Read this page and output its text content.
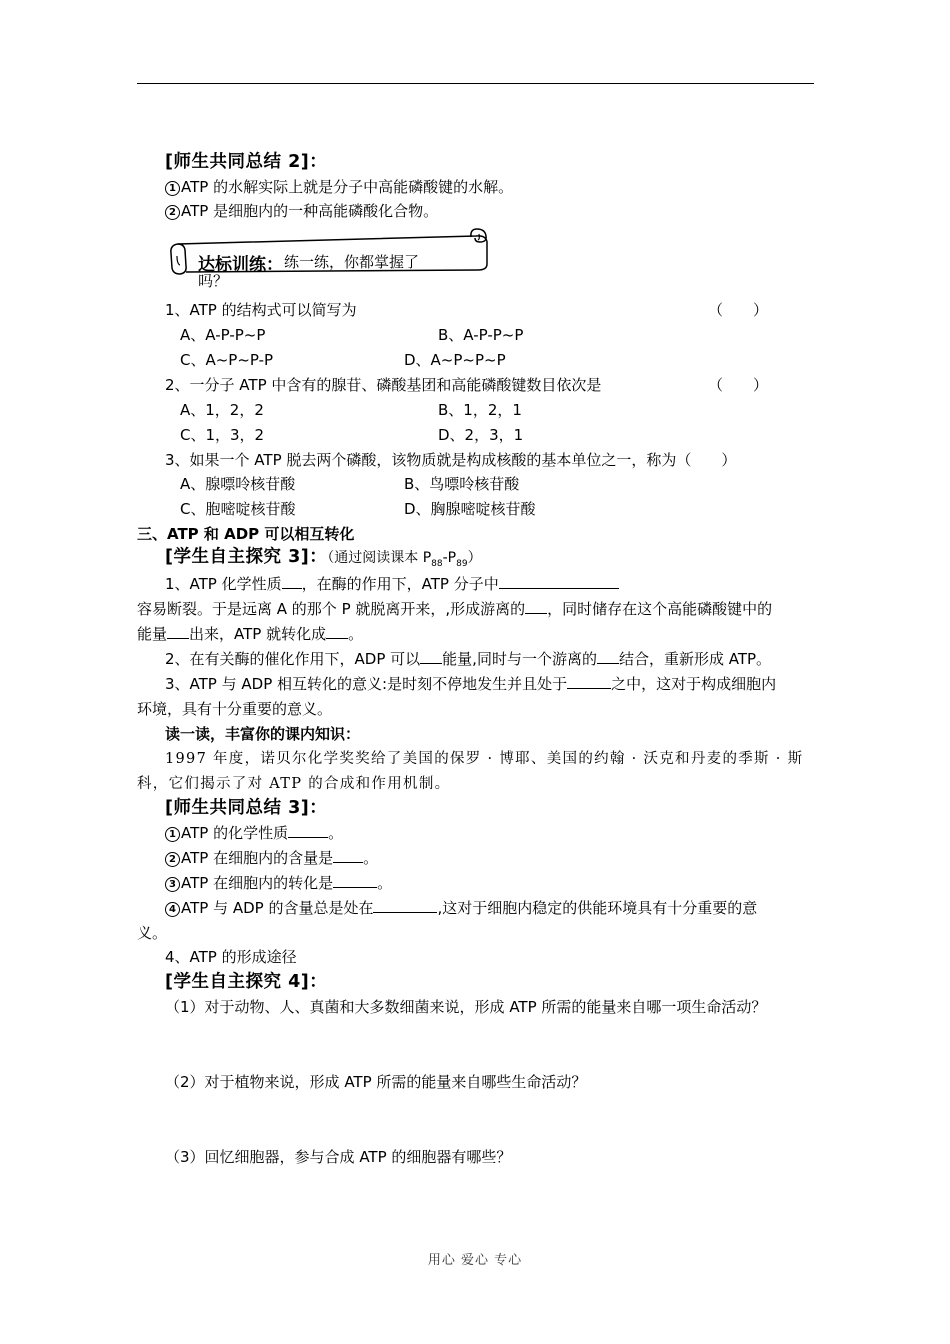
[师生共同总结 2]：
1 ATP 的水解实际上就是分子中高能磷酸键的水解。
2 ATP 是细胞内的一种高能磷酸化合物。
达标训练： 练一练，你都掌握了
吗？
1、ATP 的结构式可以简写为	（　　）
A、A-P-P~P	B、A-P-P~P
C、A~P~P-P	D、A~P~P~P
2、一分子 ATP 中含有的腺苷、磷酸基团和高能磷酸键数目依次是	（　　）
A、1，2，2	B、1，2，1
C、1，3，2	D、2，3，1
3、如果一个 ATP 脱去两个磷酸，该物质就是构成核酸的基本单位之一，称为（　　）
A、腺嘌呤核苷酸	B、鸟嘌呤核苷酸
C、胞嘧啶核苷酸	D、胸腺嘧啶核苷酸
三、ATP 和 ADP 可以相互转化
[学生自主探究 3]：（通过阅读课本 $P_{88}-P_{89}$）
1、ATP 化学性质 ，在酶的作用下，ATP 分子中
容易断裂。于是远离 A 的那个 P 就脱离开来，,形成游离的 ，同时储存在这个高能磷酸键中的
能量 出来，ATP 就转化成 。
2、在有关酶的催化作用下，ADP 可以 能量,同时与一个游离的 结合，重新形成 ATP。
3、ATP 与 ADP 相互转化的意义:是时刻不停地发生并且处于	之中，这对于构成细胞内
环境，具有十分重要的意义。
读一读，丰富你的课内知识：
1997 年度，诺贝尔化学奖奖给了美国的保罗 · 博耶、美国的约翰 · 沃克和丹麦的季斯 · 斯
科，它们揭示了对 ATP 的合成和作用机制。
[师生共同总结 3]：
1 ATP 的化学性质	。
2 ATP 在细胞内的含量是 。
3 ATP 在细胞内的转化是	。
4 ATP 与 ADP 的含量总是处在	,这对于细胞内稳定的供能环境具有十分重要的意
义。
4、ATP 的形成途径
[学生自主探究 4]：
（1）对于动物、人、真菌和大多数细菌来说，形成 ATP 所需的能量来自哪一项生命活动？
（2）对于植物来说，形成 ATP 所需的能量来自哪些生命活动？
（3）回忆细胞器，参与合成 ATP 的细胞器有哪些？
用心 爱心 专心
